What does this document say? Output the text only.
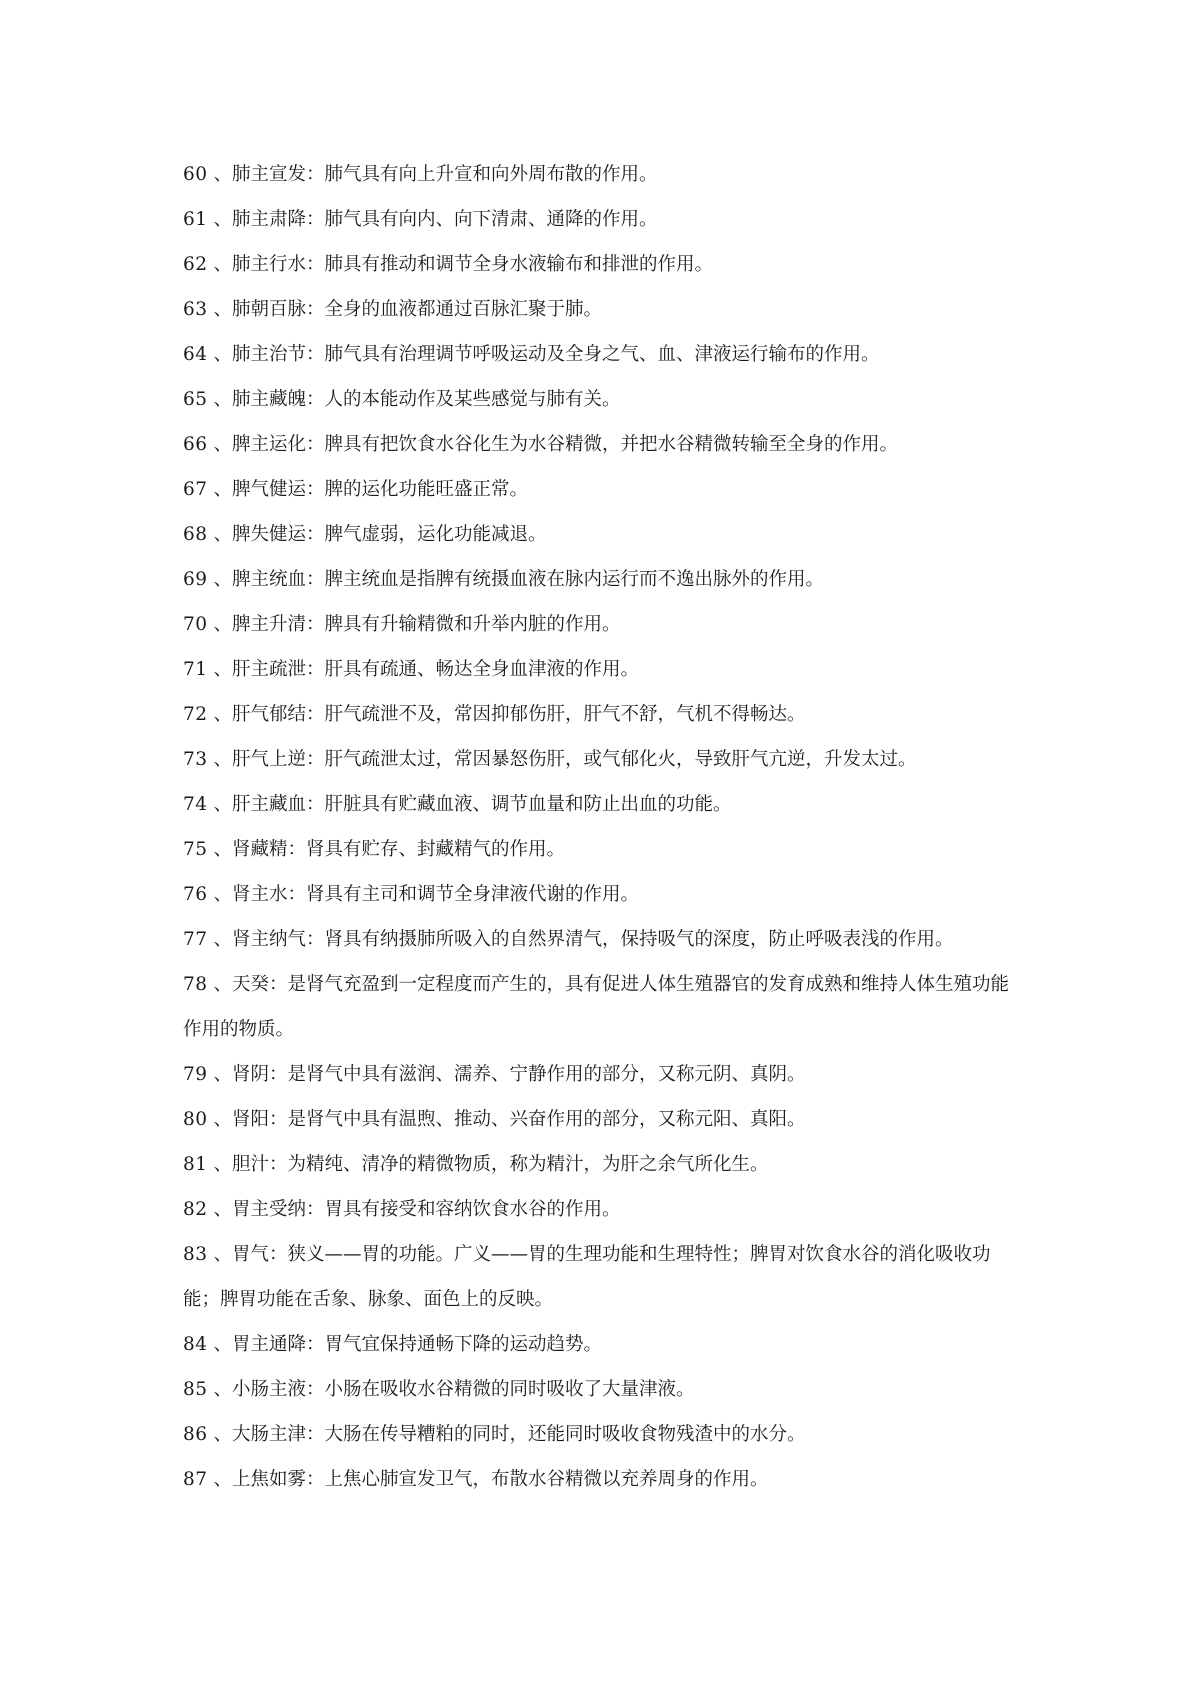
60 、肺主宣发：肺气具有向上升宣和向外周布散的作用。
61 、肺主肃降：肺气具有向内、向下清肃、通降的作用。
62 、肺主行水：肺具有推动和调节全身水液输布和排泄的作用。
63 、肺朝百脉：全身的血液都通过百脉汇聚于肺。
64 、肺主治节：肺气具有治理调节呼吸运动及全身之气、血、津液运行输布的作用。
65 、肺主藏魄：人的本能动作及某些感觉与肺有关。
66 、脾主运化：脾具有把饮食水谷化生为水谷精微，并把水谷精微转输至全身的作用。
67 、脾气健运：脾的运化功能旺盛正常。
68 、脾失健运：脾气虚弱，运化功能减退。
69 、脾主统血：脾主统血是指脾有统摄血液在脉内运行而不逸出脉外的作用。
70 、脾主升清：脾具有升输精微和升举内脏的作用。
71 、肝主疏泄：肝具有疏通、畅达全身血津液的作用。
72 、肝气郁结：肝气疏泄不及，常因抑郁伤肝，肝气不舒，气机不得畅达。
73 、肝气上逆：肝气疏泄太过，常因暴怒伤肝，或气郁化火，导致肝气亢逆，升发太过。
74 、肝主藏血：肝脏具有贮藏血液、调节血量和防止出血的功能。
75 、肾藏精：肾具有贮存、封藏精气的作用。
76 、肾主水：肾具有主司和调节全身津液代谢的作用。
77 、肾主纳气：肾具有纳摄肺所吸入的自然界清气，保持吸气的深度，防止呼吸表浅的作用。
78 、天癸：是肾气充盈到一定程度而产生的，具有促进人体生殖器官的发育成熟和维持人体生殖功能作用的物质。
79 、肾阴：是肾气中具有滋润、濡养、宁静作用的部分，又称元阴、真阴。
80 、肾阳：是肾气中具有温煦、推动、兴奋作用的部分，又称元阳、真阳。
81 、胆汁：为精纯、清净的精微物质，称为精汁，为肝之余气所化生。
82 、胃主受纳：胃具有接受和容纳饮食水谷的作用。
83 、胃气：狭义——胃的功能。广义——胃的生理功能和生理特性；脾胃对饮食水谷的消化吸收功能；脾胃功能在舌象、脉象、面色上的反映。
84 、胃主通降：胃气宜保持通畅下降的运动趋势。
85 、小肠主液：小肠在吸收水谷精微的同时吸收了大量津液。
86 、大肠主津：大肠在传导糟粕的同时，还能同时吸收食物残渣中的水分。
87 、上焦如雾：上焦心肺宣发卫气，布散水谷精微以充养周身的作用。
